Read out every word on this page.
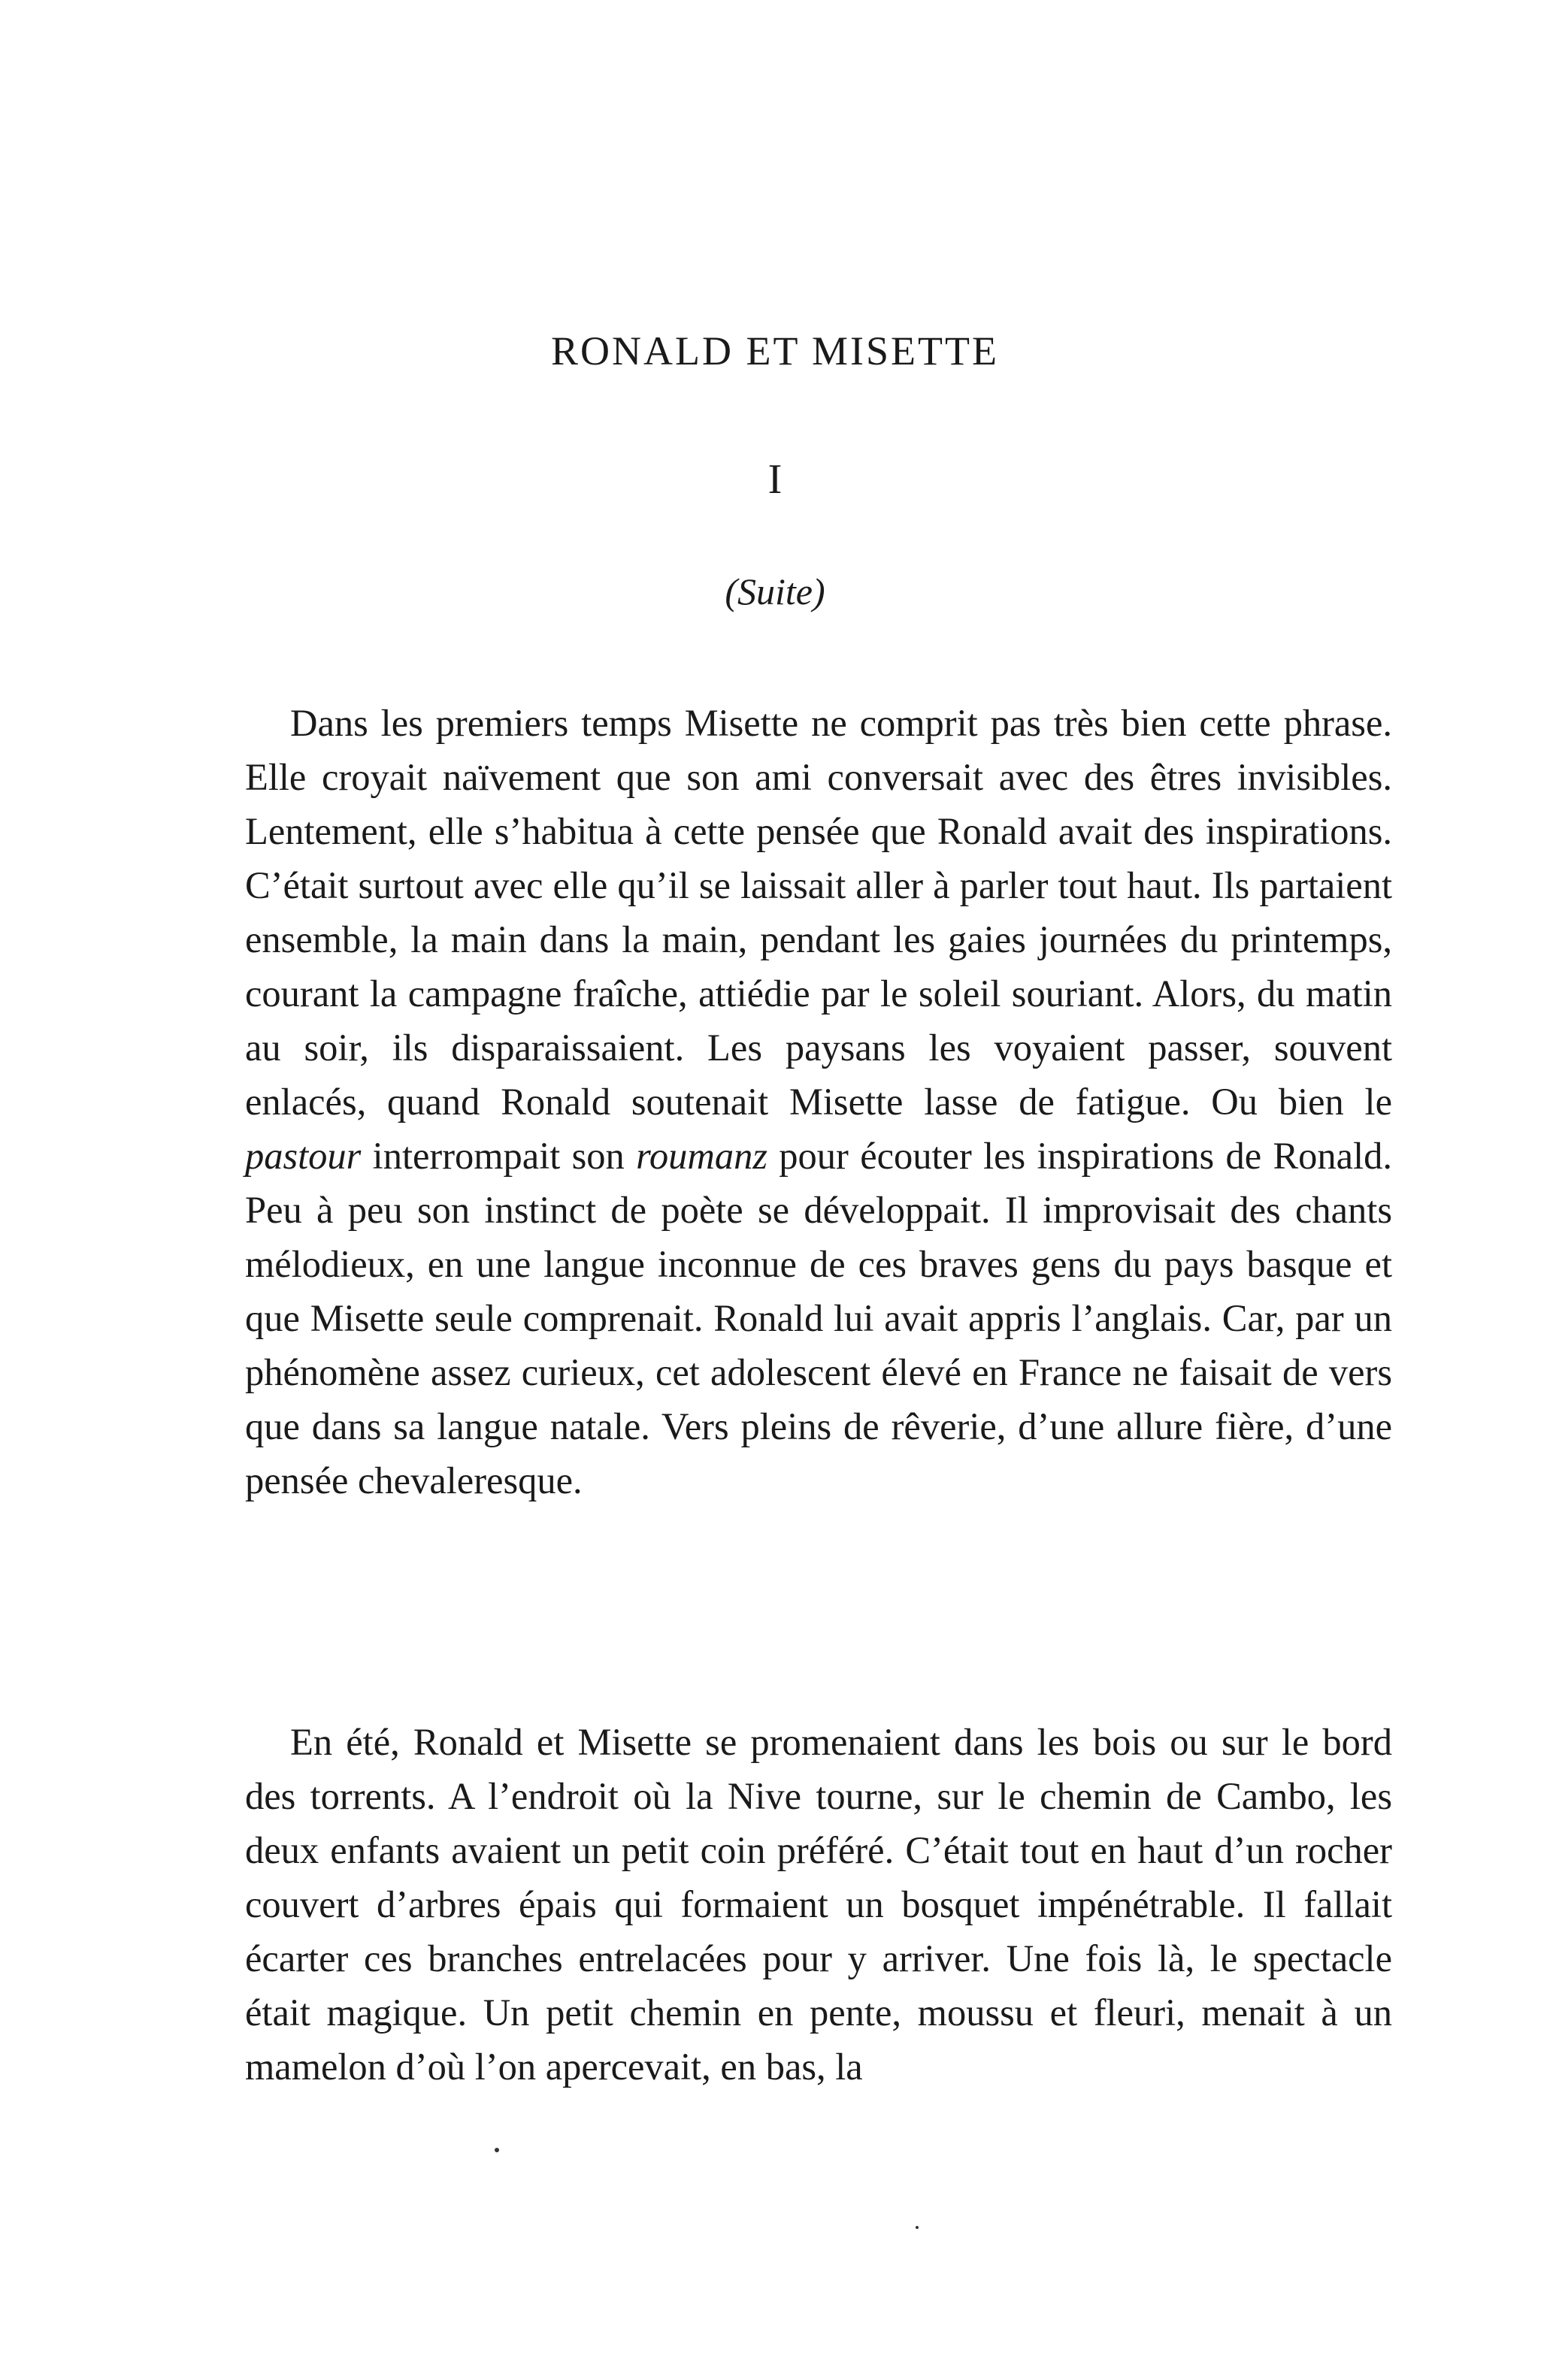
RONALD ET MISETTE
I
(Suite)

Dans les premiers temps Misette ne comprit pas très bien cette phrase. Elle croyait naïvement que son ami conversait avec des êtres invisibles. Lentement, elle s’habitua à cette pensée que Ronald avait des inspirations. C’était surtout avec elle qu’il se laissait aller à parler tout haut. Ils partaient ensemble, la main dans la main, pendant les gaies journées du printemps, courant la campagne fraîche, attiédie par le soleil souriant. Alors, du matin au soir, ils disparaissaient. Les paysans les voyaient passer, souvent enlacés, quand Ronald soutenait Misette lasse de fatigue. Ou bien le pastour interrompait son roumanz pour écouter les inspirations de Ronald. Peu à peu son instinct de poète se développait. Il improvisait des chants mélodieux, en une langue inconnue de ces braves gens du pays basque et que Misette seule comprenait. Ronald lui avait appris l’anglais. Car, par un phénomène assez curieux, cet adolescent élevé en France ne faisait de vers que dans sa langue natale. Vers pleins de rêverie, d’une allure fière, d’une pensée chevaleresque.

En été, Ronald et Misette se promenaient dans les bois ou sur le bord des torrents. A l’endroit où la Nive tourne, sur le chemin de Cambo, les deux enfants avaient un petit coin préféré. C’était tout en haut d’un rocher couvert d’arbres épais qui formaient un bosquet impénétrable. Il fallait écarter ces branches entrelacées pour y arriver. Une fois là, le spectacle était magique. Un petit chemin en pente, moussu et fleuri, menait à un mamelon d’où l’on apercevait, en bas, la
